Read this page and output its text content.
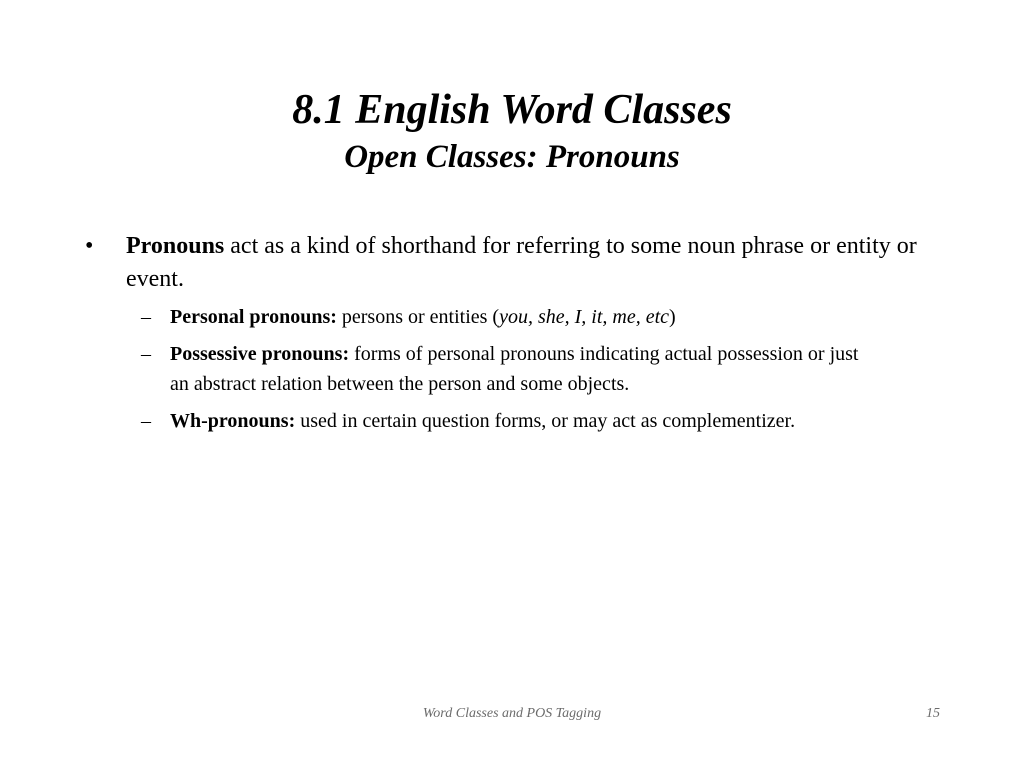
8.1 English Word Classes
Open Classes: Pronouns
• Pronouns act as a kind of shorthand for referring to some noun phrase or entity or event.
– Personal pronouns: persons or entities (you, she, I, it, me, etc)
– Possessive pronouns: forms of personal pronouns indicating actual possession or just an abstract relation between the person and some objects.
– Wh-pronouns: used in certain question forms, or may act as complementizer.
Word Classes and POS Tagging	15
